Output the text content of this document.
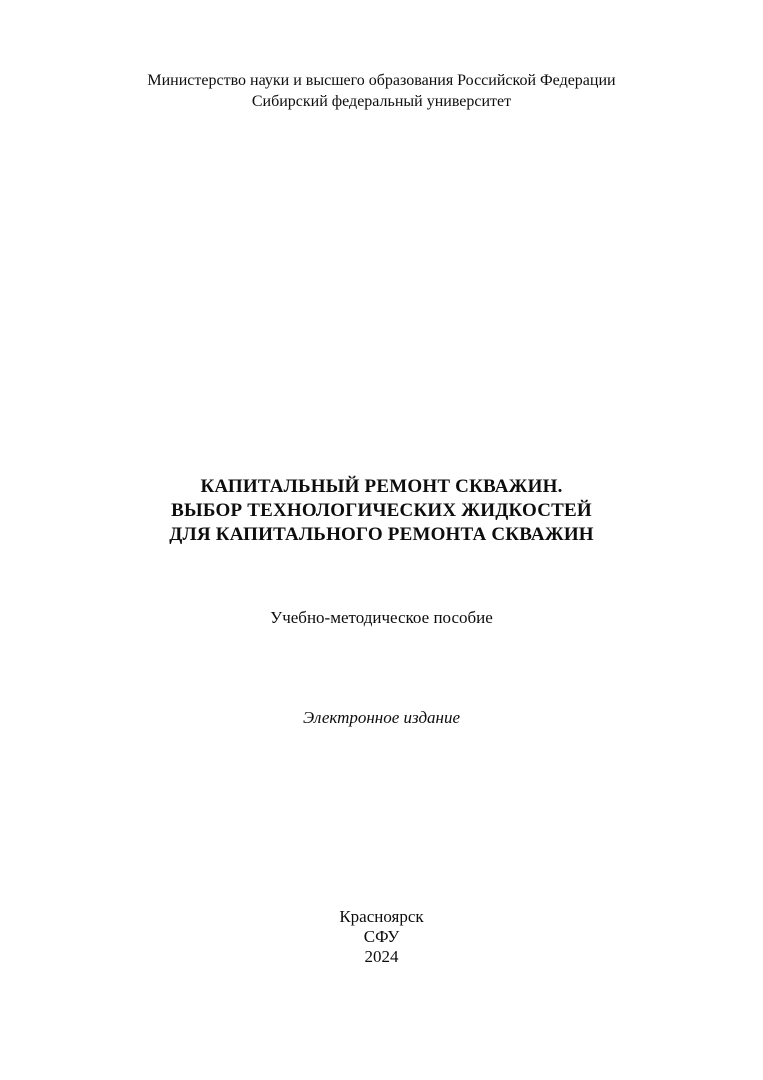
Министерство науки и высшего образования Российской Федерации
Сибирский федеральный университет
КАПИТАЛЬНЫЙ РЕМОНТ СКВАЖИН.
ВЫБОР ТЕХНОЛОГИЧЕСКИХ ЖИДКОСТЕЙ
ДЛЯ КАПИТАЛЬНОГО РЕМОНТА СКВАЖИН
Учебно-методическое пособие
Электронное издание
Красноярск
СФУ
2024
